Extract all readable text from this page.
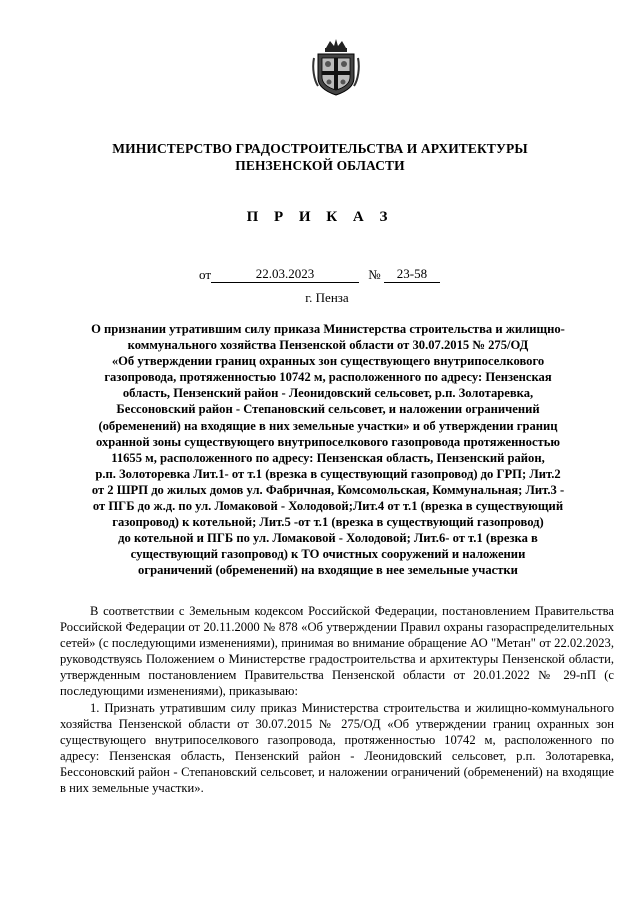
МИНИСТЕРСТВО ГРАДОСТРОИТЕЛЬСТВА И АРХИТЕКТУРЫ
ПЕНЗЕНСКОЙ ОБЛАСТИ
П Р И К А З
от	22.03.2023	№ 23-58
г. Пенза
О признании утратившим силу приказа Министерства строительства и жилищно-
коммунального хозяйства Пензенской области от 30.07.2015 № 275/ОД
«Об утверждении границ охранных зон существующего внутрипоселкового
газопровода, протяженностью 10742 м, расположенного по адресу: Пензенская
область, Пензенский район - Леонидовский сельсовет, р.п. Золотаревка,
Бессоновский район - Степановский сельсовет, и наложении ограничений
(обременений) на входящие в них земельные участки» и об утверждении границ
охранной зоны существующего внутрипоселкового газопровода протяженностью
11655 м, расположенного по адресу: Пензенская область, Пензенский район,
р.п. Золоторевка Лит.1- от т.1 (врезка в существующий газопровод) до ГРП; Лит.2
от 2 ШРП до жилых домов ул. Фабричная, Комсомольская, Коммунальная; Лит.3 -
от ПГБ до ж.д. по ул. Ломаковой - Холодовой;Лит.4 от т.1 (врезка в существующий
газопровод) к котельной; Лит.5 -от т.1 (врезка в существующий газопровод)
до котельной и ПГБ по ул. Ломаковой - Холодовой; Лит.6- от т.1 (врезка в
существующий газопровод) к ТО очистных сооружений и наложении
ограничений (обременений) на входящие в нее земельные участки

В соответствии с Земельным кодексом Российской Федерации, постановлением Правительства Российской Федерации от 20.11.2000 № 878 «Об утверждении Правил охраны газораспределительных сетей» (с последующими изменениями), принимая во внимание обращение АО "Метан" от 22.02.2023, руководствуясь Положением о Министерстве градостроительства и архитектуры Пензенской области, утвержденным постановлением Правительства Пензенской области от 20.01.2022 № 29-пП (с последующими изменениями), приказываю:

1. Признать утратившим силу приказ Министерства строительства и жилищно-коммунального хозяйства Пензенской области от 30.07.2015 № 275/ОД «Об утверждении границ охранных зон существующего внутрипоселкового газопровода, протяженностью 10742 м, расположенного по адресу: Пензенская область, Пензенский район - Леонидовский сельсовет, р.п. Золотаревка, Бессоновский район - Степановский сельсовет, и наложении ограничений (обременений) на входящие в них земельные участки».
